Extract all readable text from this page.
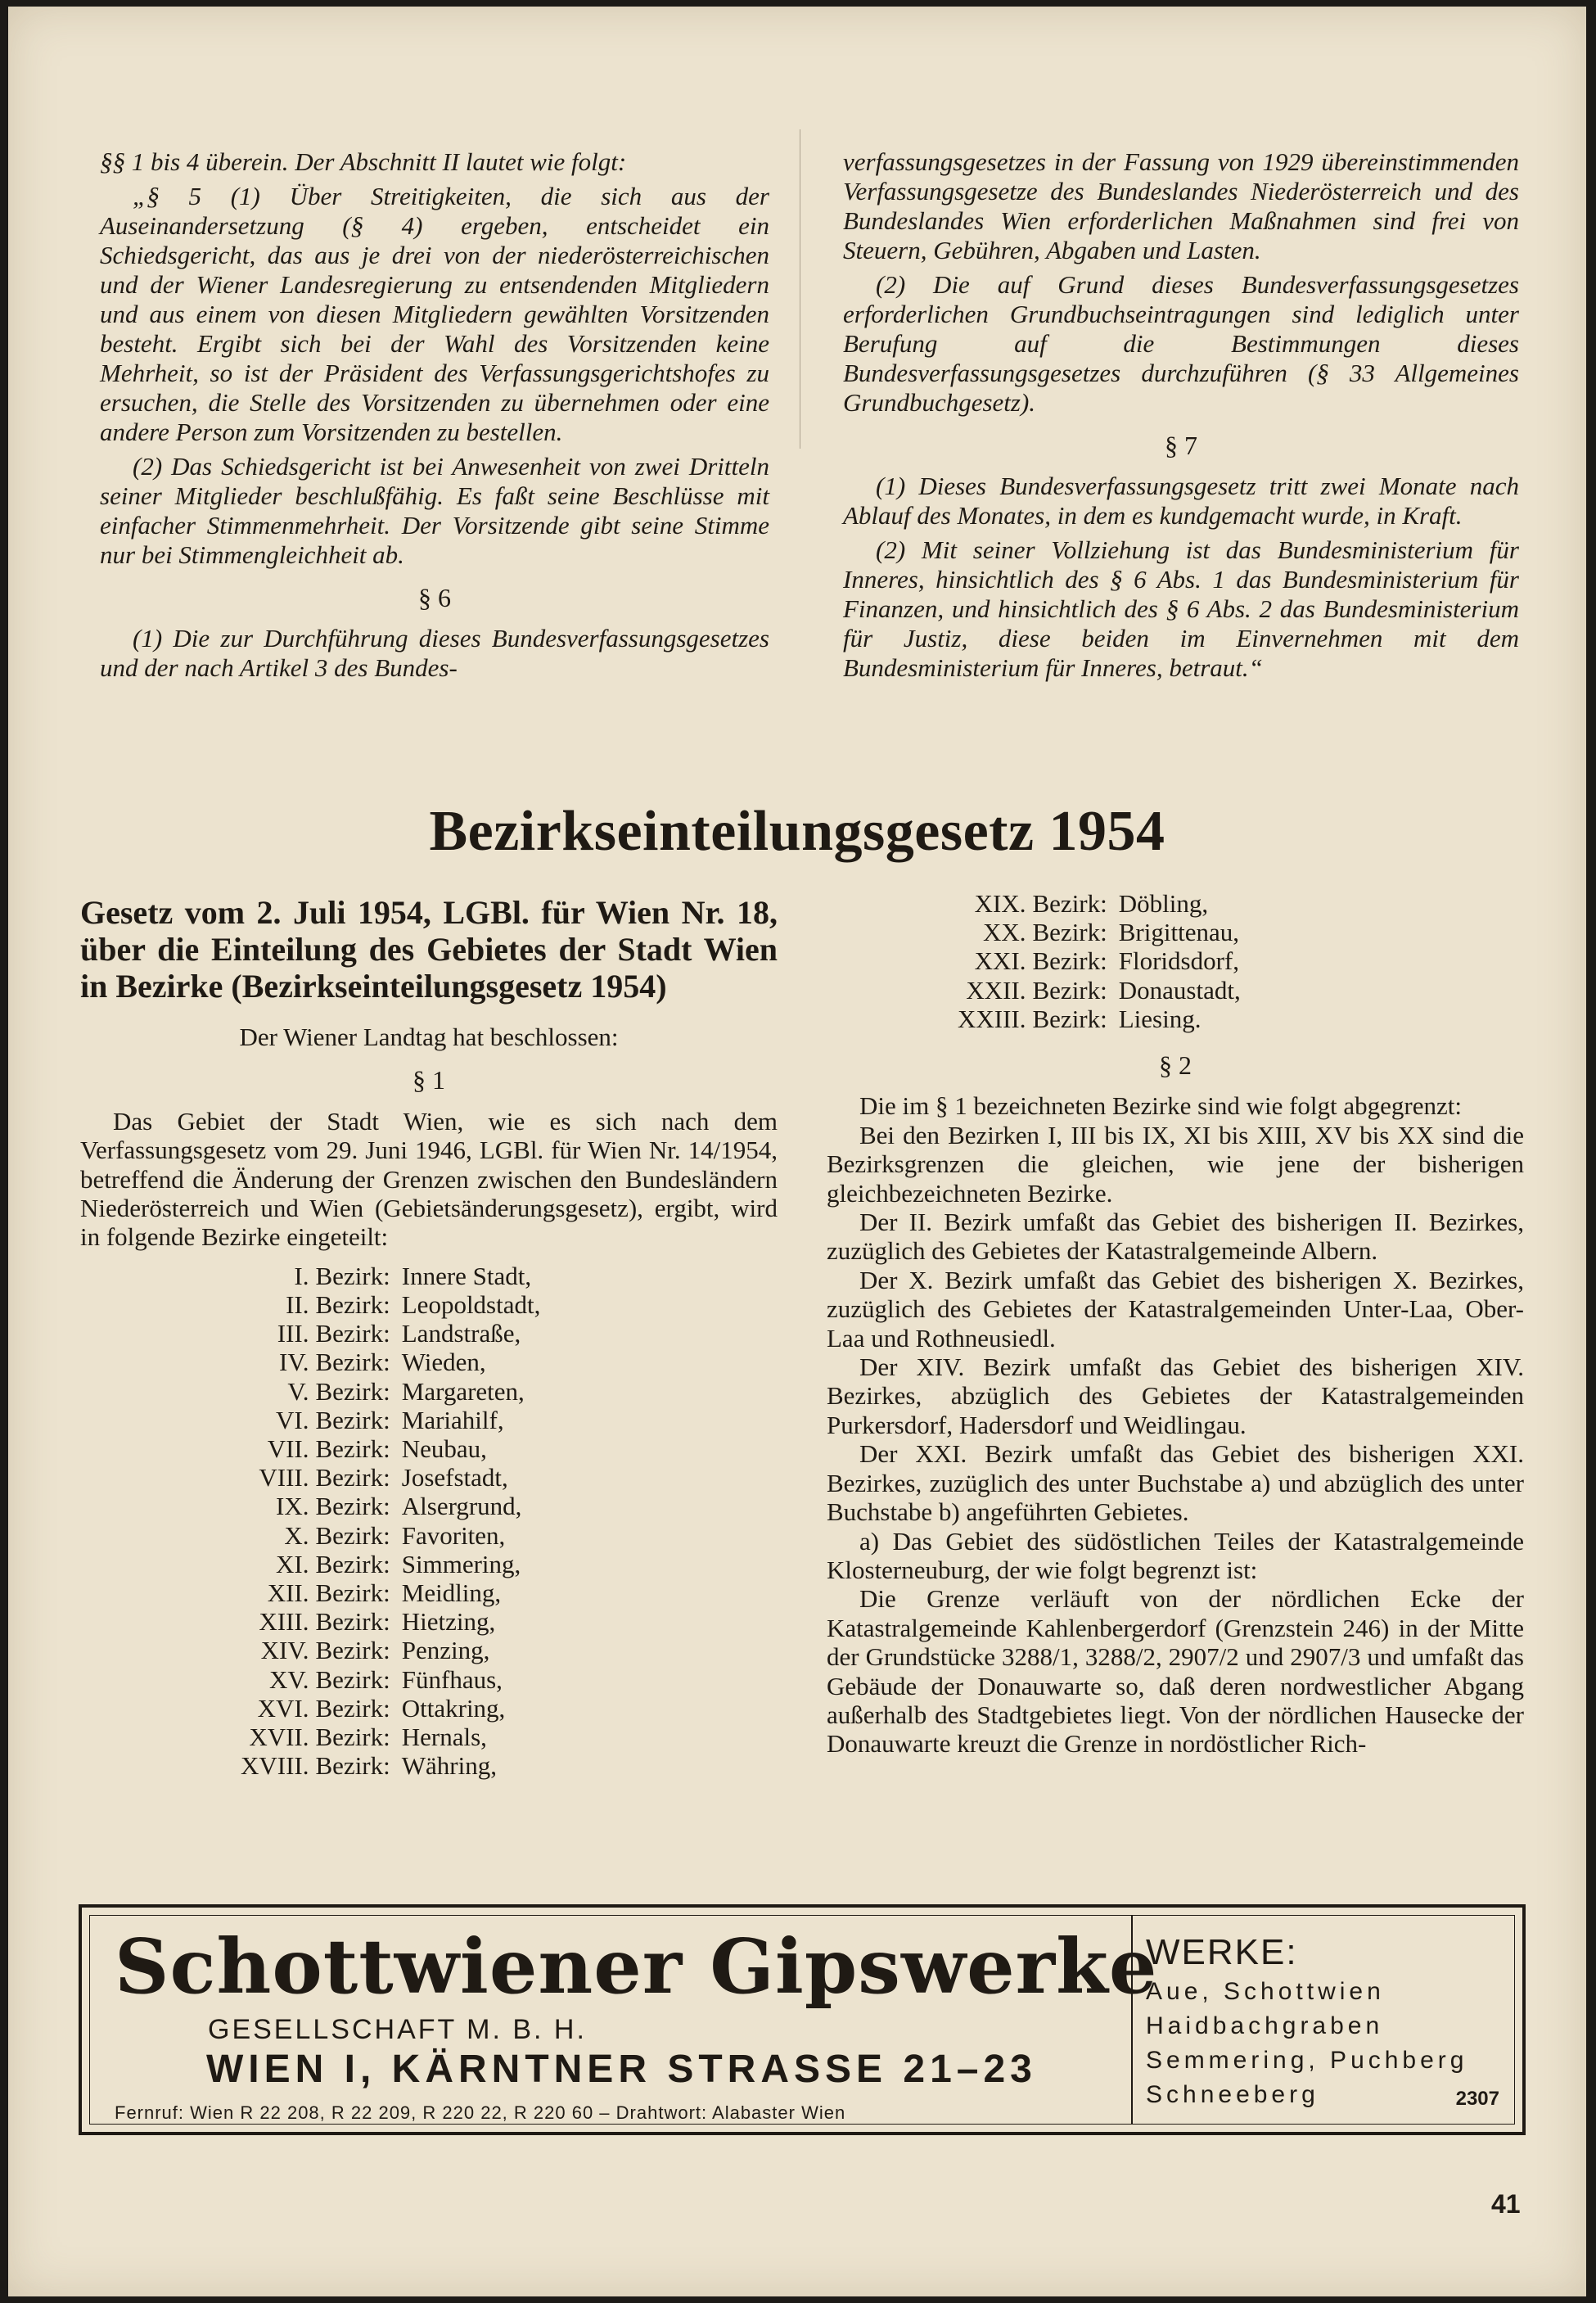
§§ 1 bis 4 überein. Der Abschnitt II lautet wie folgt:

„§ 5 (1) Über Streitigkeiten, die sich aus der Auseinandersetzung (§ 4) ergeben, entscheidet ein Schiedsgericht, das aus je drei von der niederösterreichischen und der Wiener Landesregierung zu entsendenden Mitgliedern und aus einem von diesen Mitgliedern gewählten Vorsitzenden besteht. Ergibt sich bei der Wahl des Vorsitzenden keine Mehrheit, so ist der Präsident des Verfassungsgerichtshofes zu ersuchen, die Stelle des Vorsitzenden zu übernehmen oder eine andere Person zum Vorsitzenden zu bestellen.

(2) Das Schiedsgericht ist bei Anwesenheit von zwei Dritteln seiner Mitglieder beschlußfähig. Es faßt seine Beschlüsse mit einfacher Stimmenmehrheit. Der Vorsitzende gibt seine Stimme nur bei Stimmengleichheit ab.

§ 6

(1) Die zur Durchführung dieses Bundesverfassungsgesetzes und der nach Artikel 3 des Bundes-

verfassungsgesetzes in der Fassung von 1929 übereinstimmenden Verfassungsgesetze des Bundeslandes Niederösterreich und des Bundeslandes Wien erforderlichen Maßnahmen sind frei von Steuern, Gebühren, Abgaben und Lasten.

(2) Die auf Grund dieses Bundesverfassungsgesetzes erforderlichen Grundbuchseintragungen sind lediglich unter Berufung auf die Bestimmungen dieses Bundesverfassungsgesetzes durchzuführen (§ 33 Allgemeines Grundbuchgesetz).

§ 7

(1) Dieses Bundesverfassungsgesetz tritt zwei Monate nach Ablauf des Monates, in dem es kundgemacht wurde, in Kraft.

(2) Mit seiner Vollziehung ist das Bundesministerium für Inneres, hinsichtlich des § 6 Abs. 1 das Bundesministerium für Finanzen, und hinsichtlich des § 6 Abs. 2 das Bundesministerium für Justiz, diese beiden im Einvernehmen mit dem Bundesministerium für Inneres, betraut.“

Bezirkseinteilungsgesetz 1954

Gesetz vom 2. Juli 1954, LGBl. für Wien Nr. 18, über die Einteilung des Gebietes der Stadt Wien in Bezirke (Bezirkseinteilungsgesetz 1954)

Der Wiener Landtag hat beschlossen:

§ 1

Das Gebiet der Stadt Wien, wie es sich nach dem Verfassungsgesetz vom 29. Juni 1946, LGBl. für Wien Nr. 14/1954, betreffend die Änderung der Grenzen zwischen den Bundesländern Niederösterreich und Wien (Gebietsänderungsgesetz), ergibt, wird in folgende Bezirke eingeteilt:

I.	Bezirk:	Innere Stadt,
II.	Bezirk:	Leopoldstadt,
III.	Bezirk:	Landstraße,
IV.	Bezirk:	Wieden,
V.	Bezirk:	Margareten,
VI.	Bezirk:	Mariahilf,
VII.	Bezirk:	Neubau,
VIII.	Bezirk:	Josefstadt,
IX.	Bezirk:	Alsergrund,
X.	Bezirk:	Favoriten,
XI.	Bezirk:	Simmering,
XII.	Bezirk:	Meidling,
XIII.	Bezirk:	Hietzing,
XIV.	Bezirk:	Penzing,
XV.	Bezirk:	Fünfhaus,
XVI.	Bezirk:	Ottakring,
XVII.	Bezirk:	Hernals,
XVIII.	Bezirk:	Währing,
XIX.	Bezirk:	Döbling,
XX.	Bezirk:	Brigittenau,
XXI.	Bezirk:	Floridsdorf,
XXII.	Bezirk:	Donaustadt,
XXIII.	Bezirk:	Liesing.

§ 2

Die im § 1 bezeichneten Bezirke sind wie folgt abgegrenzt:

Bei den Bezirken I, III bis IX, XI bis XIII, XV bis XX sind die Bezirksgrenzen die gleichen, wie jene der bisherigen gleichbezeichneten Bezirke.

Der II. Bezirk umfaßt das Gebiet des bisherigen II. Bezirkes, zuzüglich des Gebietes der Katastralgemeinde Albern.

Der X. Bezirk umfaßt das Gebiet des bisherigen X. Bezirkes, zuzüglich des Gebietes der Katastralgemeinden Unter-Laa, Ober-Laa und Rothneusiedl.

Der XIV. Bezirk umfaßt das Gebiet des bisherigen XIV. Bezirkes, abzüglich des Gebietes der Katastralgemeinden Purkersdorf, Hadersdorf und Weidlingau.

Der XXI. Bezirk umfaßt das Gebiet des bisherigen XXI. Bezirkes, zuzüglich des unter Buchstabe a) und abzüglich des unter Buchstabe b) angeführten Gebietes.

a) Das Gebiet des südöstlichen Teiles der Katastralgemeinde Klosterneuburg, der wie folgt begrenzt ist:

Die Grenze verläuft von der nördlichen Ecke der Katastralgemeinde Kahlenbergerdorf (Grenzstein 246) in der Mitte der Grundstücke 3288/1, 3288/2, 2907/2 und 2907/3 und umfaßt das Gebäude der Donauwarte so, daß deren nordwestlicher Abgang außerhalb des Stadtgebietes liegt. Von der nördlichen Hausecke der Donauwarte kreuzt die Grenze in nordöstlicher Rich-

Schottwiener Gipswerke
GESELLSCHAFT M. B. H.
WIEN I, KÄRNTNER STRASSE 21–23
Fernruf: Wien R 22 208, R 22 209, R 220 22, R 220 60 – Drahtwort: Alabaster Wien
WERKE:
Aue, Schottwien
Haidbachgraben
Semmering, Puchberg
Schneeberg	2307
41
